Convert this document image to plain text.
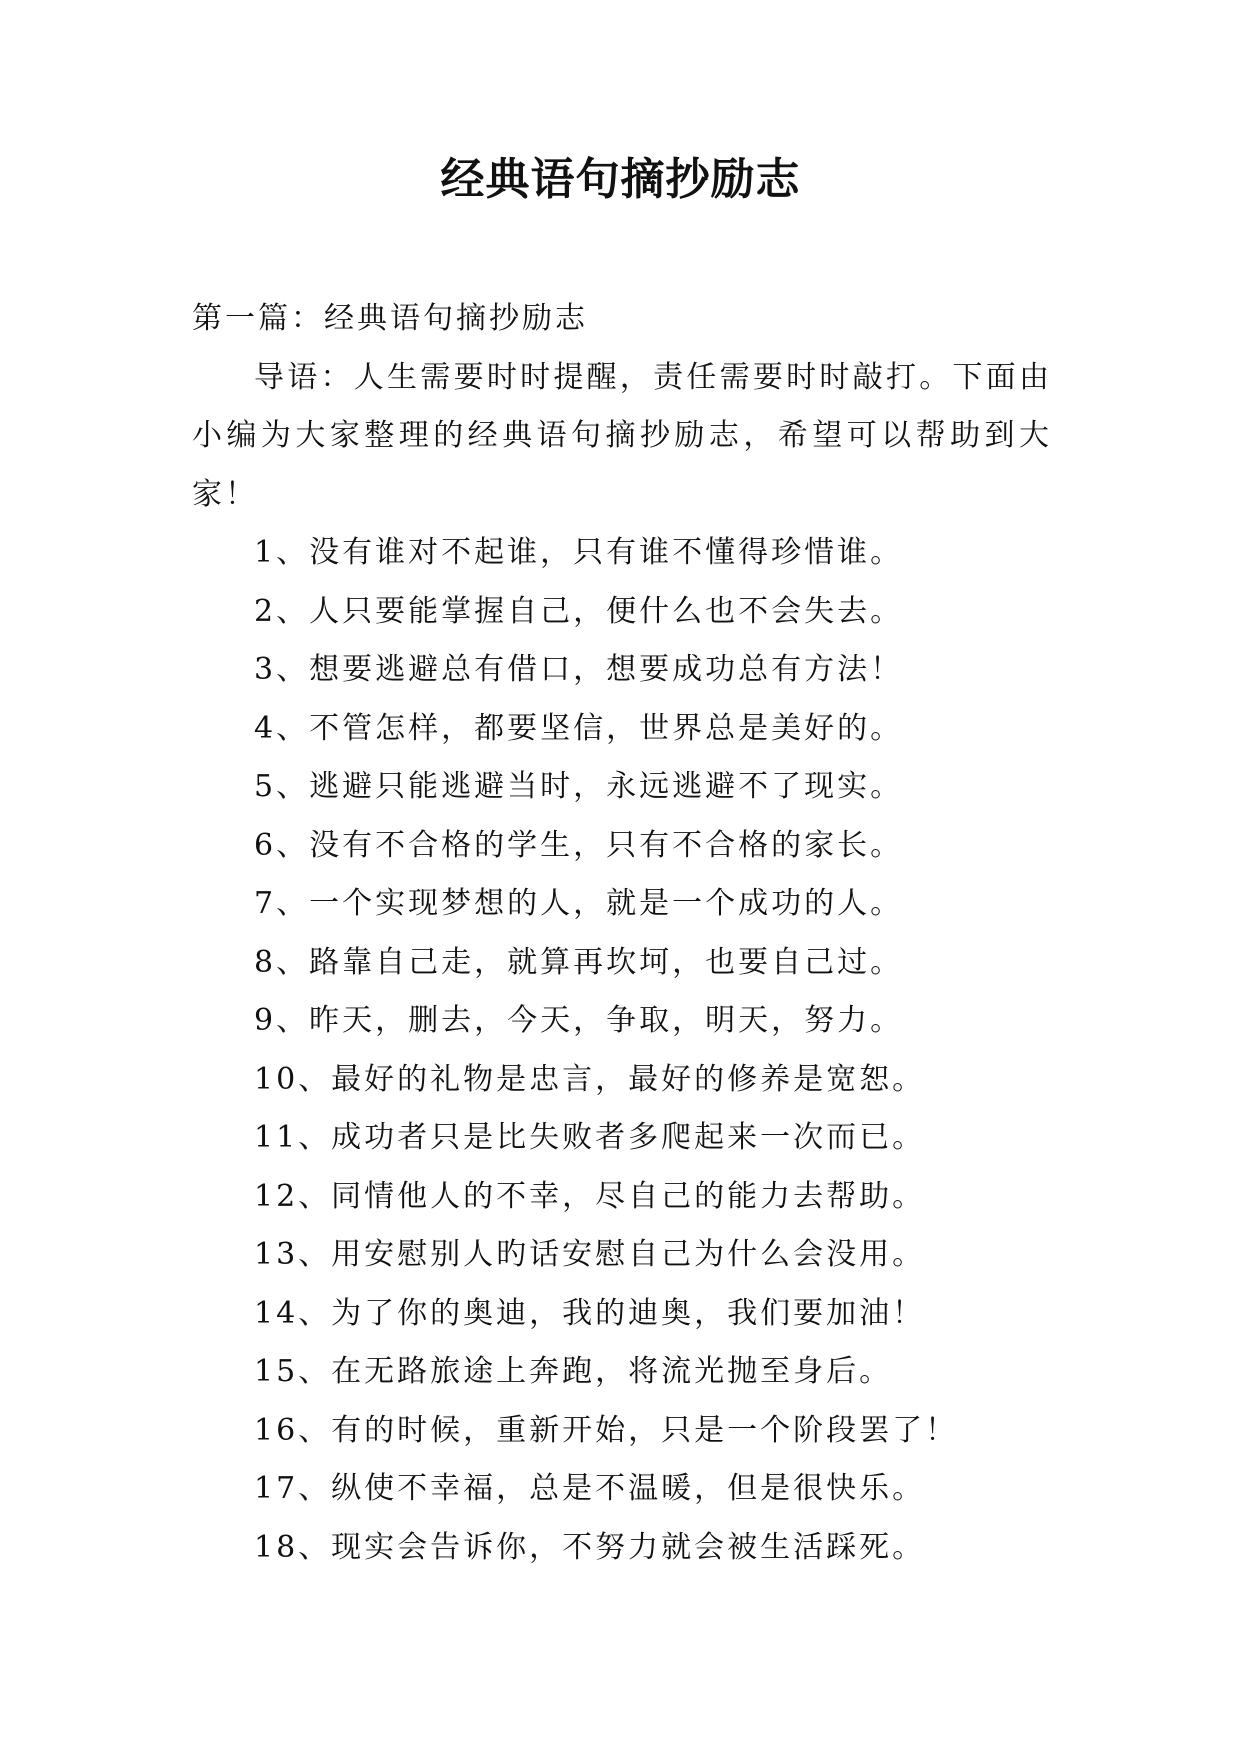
经典语句摘抄励志
第一篇：经典语句摘抄励志

导语：人生需要时时提醒，责任需要时时敲打。下面由小编为大家整理的经典语句摘抄励志，希望可以帮助到大家！

1、没有谁对不起谁，只有谁不懂得珍惜谁。
2、人只要能掌握自己，便什么也不会失去。
3、想要逃避总有借口，想要成功总有方法！
4、不管怎样，都要坚信，世界总是美好的。
5、逃避只能逃避当时，永远逃避不了现实。
6、没有不合格的学生，只有不合格的家长。
7、一个实现梦想的人，就是一个成功的人。
8、路靠自己走，就算再坎坷，也要自己过。
9、昨天，删去，今天，争取，明天，努力。
10、最好的礼物是忠言，最好的修养是宽恕。
11、成功者只是比失败者多爬起来一次而已。
12、同情他人的不幸，尽自己的能力去帮助。
13、用安慰别人旳话安慰自己为什么会没用。
14、为了你的奥迪，我的迪奥，我们要加油！
15、在无路旅途上奔跑，将流光抛至身后。
16、有的时候，重新开始，只是一个阶段罢了！
17、纵使不幸福，总是不温暖，但是很快乐。
18、现实会告诉你，不努力就会被生活踩死。
